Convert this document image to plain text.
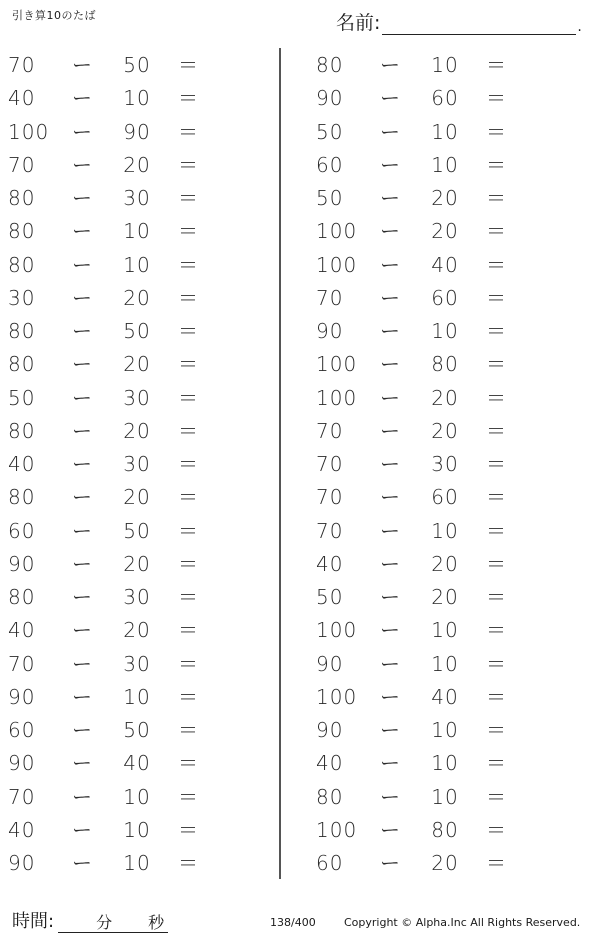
引き算10のたば	名前:	.
70	ー	50	＝
40	ー	10	＝
100	ー	90	＝
70	ー	20	＝
80	ー	30	＝
80	ー	10	＝
80	ー	10	＝
30	ー	20	＝
80	ー	50	＝
80	ー	20	＝
50	ー	30	＝
80	ー	20	＝
40	ー	30	＝
80	ー	20	＝
60	ー	50	＝
90	ー	20	＝
80	ー	30	＝
40	ー	20	＝
70	ー	30	＝
90	ー	10	＝
60	ー	50	＝
90	ー	40	＝
70	ー	10	＝
40	ー	10	＝
90	ー	10	＝
80	ー	10	＝
90	ー	60	＝
50	ー	10	＝
60	ー	10	＝
50	ー	20	＝
100	ー	20	＝
100	ー	40	＝
70	ー	60	＝
90	ー	10	＝
100	ー	80	＝
100	ー	20	＝
70	ー	20	＝
70	ー	30	＝
70	ー	60	＝
70	ー	10	＝
40	ー	20	＝
50	ー	20	＝
100	ー	10	＝
90	ー	10	＝
100	ー	40	＝
90	ー	10	＝
40	ー	10	＝
80	ー	10	＝
100	ー	80	＝
60	ー	20	＝
時間:	分 秒	138/400	Copyright © Alpha.Inc All Rights Reserved.
